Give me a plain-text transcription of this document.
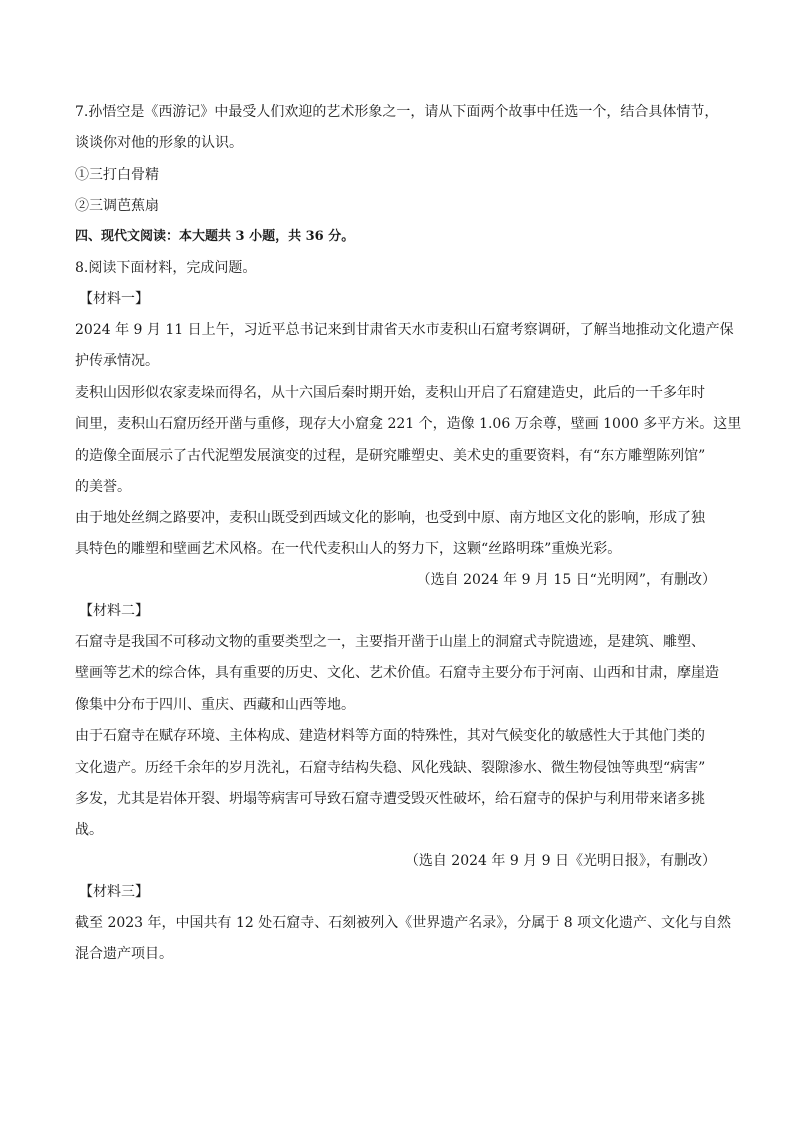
7.孙悟空是《西游记》中最受人们欢迎的艺术形象之一，请从下面两个故事中任选一个，结合具体情节，
谈谈你对他的形象的认识。
①三打白骨精
②三调芭蕉扇
四、现代文阅读：本大题共 3 小题，共 36 分。
8.阅读下面材料，完成问题。
【材料一】
2024 年 9 月 11 日上午，习近平总书记来到甘肃省天水市麦积山石窟考察调研，了解当地推动文化遗产保
护传承情况。
麦积山因形似农家麦垛而得名，从十六国后秦时期开始，麦积山开启了石窟建造史，此后的一千多年时
间里，麦积山石窟历经开凿与重修，现存大小窟龛 221 个，造像 1.06 万余尊，壁画 1000 多平方米。这里
的造像全面展示了古代泥塑发展演变的过程，是研究雕塑史、美术史的重要资料，有“东方雕塑陈列馆”
的美誉。
由于地处丝绸之路要冲，麦积山既受到西域文化的影响，也受到中原、南方地区文化的影响，形成了独
具特色的雕塑和壁画艺术风格。在一代代麦积山人的努力下，这颗“丝路明珠”重焕光彩。
（选自 2024 年 9 月 15 日“光明网”，有删改）
【材料二】
石窟寺是我国不可移动文物的重要类型之一，主要指开凿于山崖上的洞窟式寺院遗迹，是建筑、雕塑、
壁画等艺术的综合体，具有重要的历史、文化、艺术价值。石窟寺主要分布于河南、山西和甘肃，摩崖造
像集中分布于四川、重庆、西藏和山西等地。
由于石窟寺在赋存环境、主体构成、建造材料等方面的特殊性，其对气候变化的敏感性大于其他门类的
文化遗产。历经千余年的岁月洗礼，石窟寺结构失稳、风化残缺、裂隙渗水、微生物侵蚀等典型“病害”
多发，尤其是岩体开裂、坍塌等病害可导致石窟寺遭受毁灭性破坏，给石窟寺的保护与利用带来诸多挑
战。
（选自 2024 年 9 月 9 日《光明日报》，有删改）
【材料三】
截至 2023 年，中国共有 12 处石窟寺、石刻被列入《世界遗产名录》，分属于 8 项文化遗产、文化与自然
混合遗产项目。
